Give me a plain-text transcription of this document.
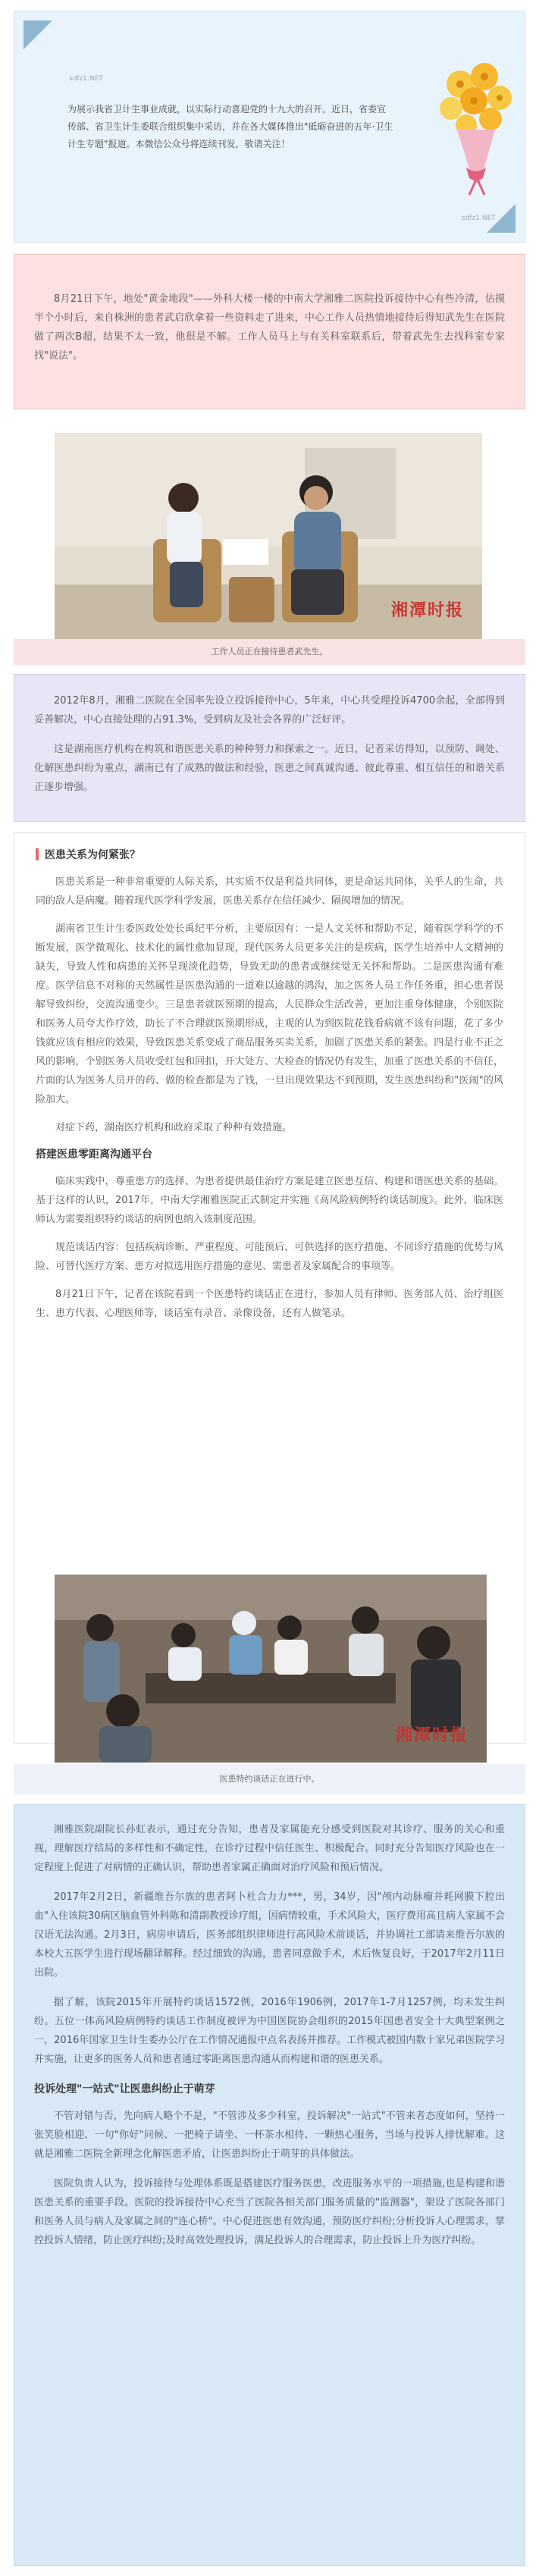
sdfz1.NET
为展示我省卫计生事业成就，以实际行动喜迎党的十九大的召开。近日，省委宣传部、省卫生计生委联合组织集中采访，并在各大媒体推出"砥砺奋进的五年·卫生计生专题"报道。本微信公众号将连续刊发，敬请关注！
sdfz1.NET

8月21日下午，地处"黄金地段"——外科大楼一楼的中南大学湘雅二医院投诉接待中心有些冷清，估摸半个小时后，来自株洲的患者武启欣拿着一些资料走了进来，中心工作人员热情地接待后得知武先生在医院做了两次B超，结果不太一致，他很是不解。工作人员马上与有关科室联系后，带着武先生去找科室专家找"说法"。

湘潭时报
工作人员正在接待患者武先生。

2012年8月，湘雅二医院在全国率先设立投诉接待中心，5年来，中心共受理投诉4700余起，全部得到妥善解决，中心直接处理的占91.3%，受到病友及社会各界的广泛好评。

这是湖南医疗机构在构筑和谐医患关系的种种努力和探索之一。近日，记者采访得知，以预防、调处、化解医患纠纷为重点，湖南已有了成熟的做法和经验，医患之间真诚沟通、彼此尊重、相互信任的和谐关系正逐步增强。

医患关系为何紧张？

医患关系是一种非常重要的人际关系，其实质不仅是利益共同体，更是命运共同体，关乎人的生命，共同的敌人是病魔。随着现代医学科学发展，医患关系存在信任减少、隔阂增加的情况。

湖南省卫生计生委医政处处长禹纪平分析，主要原因有：一是人文关怀和帮助不足，随着医学科学的不断发展，医学微观化、技术化的属性愈加显现，现代医务人员更多关注的是疾病，医学生培养中人文精神的缺失，导致人性和病患的关怀呈现淡化趋势，导致无助的患者或继续觉无关怀和帮助。二是医患沟通有难度。医学信息不对称的天然属性是医患沟通的一道难以逾越的鸿沟，加之医务人员工作任务重，担心患者误解导致纠纷，交流沟通变少。三是患者就医预期的提高，人民群众生活改善，更加注重身体健康，个别医院和医务人员夸大作疗效，助长了不合理就医预期形成，主观的认为到医院花钱看病就不该有问题，花了多少钱就应该有相应的效果，导致医患关系变成了商品服务买卖关系，加剧了医患关系的紧张。四是行业不正之风的影响，个别医务人员收受红包和回扣，开大处方、大检查的情况仍有发生，加重了医患关系的不信任，片面的认为医务人员开的药、做的检查都是为了钱，一旦出现效果达不到预期，发生医患纠纷和"医闹"的风险加大。

对症下药，湖南医疗机构和政府采取了种种有效措施。

搭建医患零距离沟通平台

临床实践中，尊重患方的选择、为患者提供最佳治疗方案是建立医患互信、构建和谐医患关系的基础。基于这样的认识，2017年，中南大学湘雅医院正式制定并实施《高风险病例特约谈话制度》。此外，临床医师认为需要组织特约谈话的病例也纳入该制度范围。

规范谈话内容：包括疾病诊断、严重程度、可能预后、可供选择的医疗措施、不同诊疗措施的优势与风险、可替代医疗方案、患方对拟选用医疗措施的意见、需患者及家属配合的事项等。

8月21日下午，记者在该院看到一个医患特约谈话正在进行，参加人员有律师、医务部人员、治疗组医生、患方代表、心理医师等，谈话室有录音、录像设备，还有人做笔录。

湘潭时报
医患特约谈话正在进行中。

湘雅医院副院长孙虹表示，通过充分告知，患者及家属能充分感受到医院对其诊疗、服务的关心和重视，理解医疗结局的多样性和不确定性，在诊疗过程中信任医生、积极配合。同时充分告知医疗风险也在一定程度上促进了对病情的正确认识，帮助患者家属正确面对治疗风险和预后情况。

2017年2月2日，新疆维吾尔族的患者阿卜杜合力力***，男，34岁，因"颅内动脉瘤并耗网膜下腔出血"入住该院30病区脑血管外科陈和清副教授诊疗组，因病情较重，手术风险大，医疗费用高且病人家属不会汉语无法沟通。2月3日，病房申请后，医务部组织律师进行高风险术前谈话，并协调社工部请来维吾尔族的本校大五医学生进行现场翻译解释。经过细致的沟通，患者同意做手术，术后恢复良好，于2017年2月11日出院。

据了解，该院2015年开展特约谈话1572例，2016年1906例，2017年1-7月1257例，均未发生纠纷。五位一体高风险病例特约谈话工作制度被评为中国医院协会组织的2015年国患者安全十大典型案例之一，2016年国家卫生计生委办公厅在工作情况通报中点名表扬并推荐。工作模式被国内数十家兄弟医院学习并实施，让更多的医务人员和患者通过零距离医患沟通从而构建和谐的医患关系。

投诉处理"一站式"让医患纠纷止于萌芽

不管对错与否，先向病人略个不是，"不管涉及多少科室，投诉解决"一站式"不管来者态度如何，坚持一张笑脸相迎、一句"你好"问候、一把椅子请坐、一杯茶水相待、一颗热心服务，当场与投诉人排忧解难。这就是湘雅二医院全新理念化解医患矛盾，让医患纠纷止于萌芽的具体做法。

医院负责人认为，投诉接待与处理体系既是搭建医疗服务医患，改进服务水平的一项措施,也是构建和谐医患关系的重要手段。医院的投诉接待中心充当了医院各相关部门服务质量的"监测器"，架设了医院各部门和医务人员与病人及家属之间的"连心桥"。中心促进医患有效沟通，预防医疗纠纷;分析投诉人心理需求，掌控投诉人情绪，防止医疗纠纷;及时高效处理投诉，满足投诉人的合理需求，防止投诉上升为医疗纠纷。
